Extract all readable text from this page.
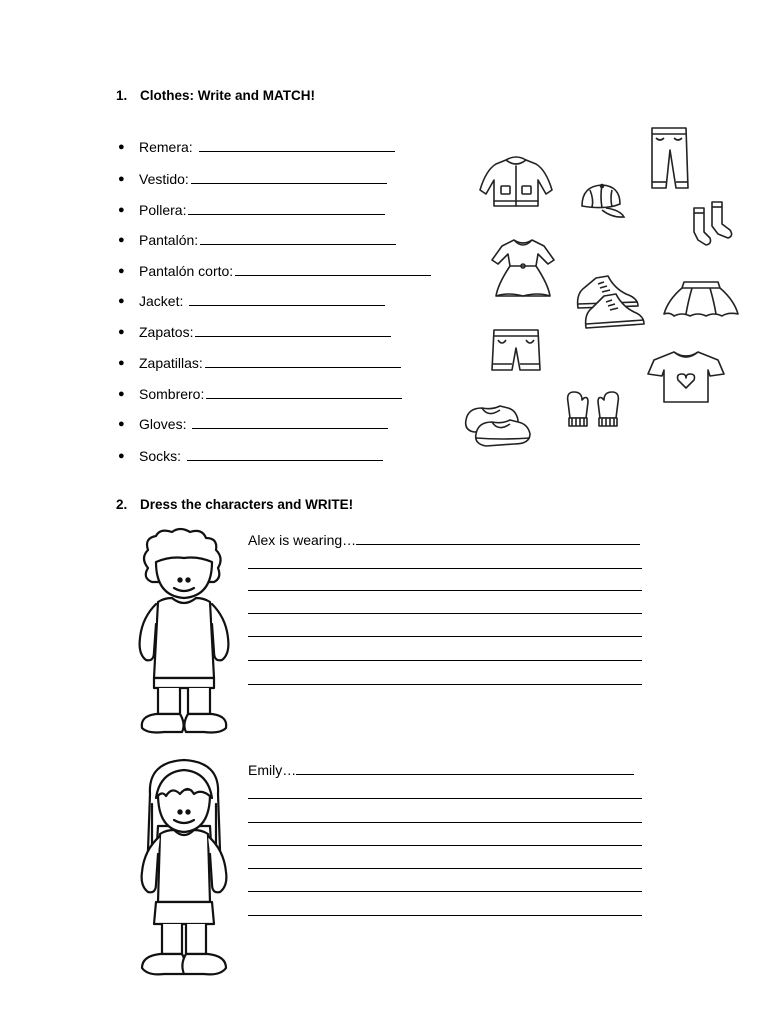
1. Clothes: Write and MATCH!
● Remera:
● Vestido:
● Pollera:
● Pantalón:
● Pantalón corto:
● Jacket:
● Zapatos:
● Zapatillas:
● Sombrero:
● Gloves:
● Socks:
2. Dress the characters and WRITE!
Alex is wearing…
Emily…
